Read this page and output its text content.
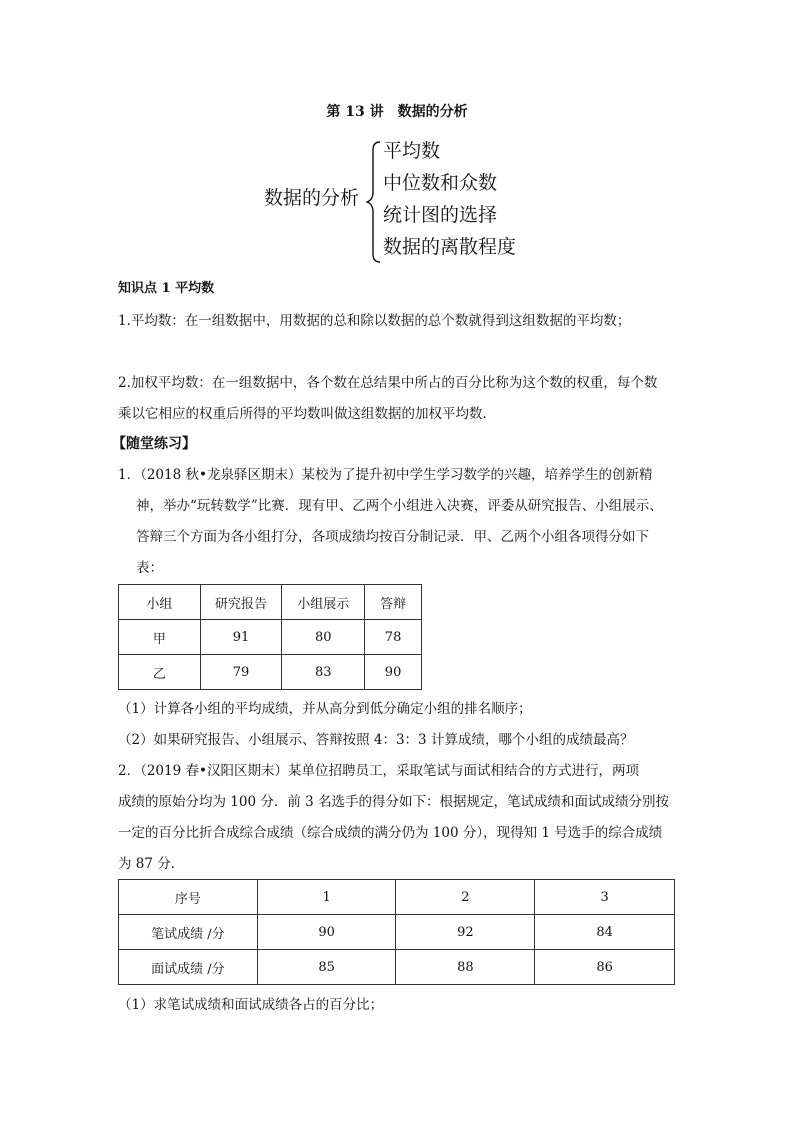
第 13 讲　数据的分析
数据的分析
平均数
中位数和众数
统计图的选择
数据的离散程度
知识点 1 平均数
1.平均数：在一组数据中，用数据的总和除以数据的总个数就得到这组数据的平均数；
2.加权平均数：在一组数据中，各个数在总结果中所占的百分比称为这个数的权重，每个数
乘以它相应的权重后所得的平均数叫做这组数据的加权平均数．
【随堂练习】
1．（2018 秋•龙泉驿区期末）某校为了提升初中学生学习数学的兴趣，培养学生的创新精
神，举办“玩转数学”比赛．现有甲、乙两个小组进入决赛，评委从研究报告、小组展示、
答辩三个方面为各小组打分，各项成绩均按百分制记录．甲、乙两个小组各项得分如下
表：
小组	研究报告	小组展示	答辩
甲	91	80	78
乙	79	83	90
（1）计算各小组的平均成绩，并从高分到低分确定小组的排名顺序；
（2）如果研究报告、小组展示、答辩按照 4：3：3 计算成绩，哪个小组的成绩最高？
2．（2019 春•汉阳区期末）某单位招聘员工，采取笔试与面试相结合的方式进行，两项
成绩的原始分均为 100 分．前 3 名选手的得分如下：根据规定，笔试成绩和面试成绩分别按
一定的百分比折合成综合成绩（综合成绩的满分仍为 100 分），现得知 1 号选手的综合成绩
为 87 分．
序号	1	2	3
笔试成绩 /分	90	92	84
面试成绩 /分	85	88	86
（1）求笔试成绩和面试成绩各占的百分比；
